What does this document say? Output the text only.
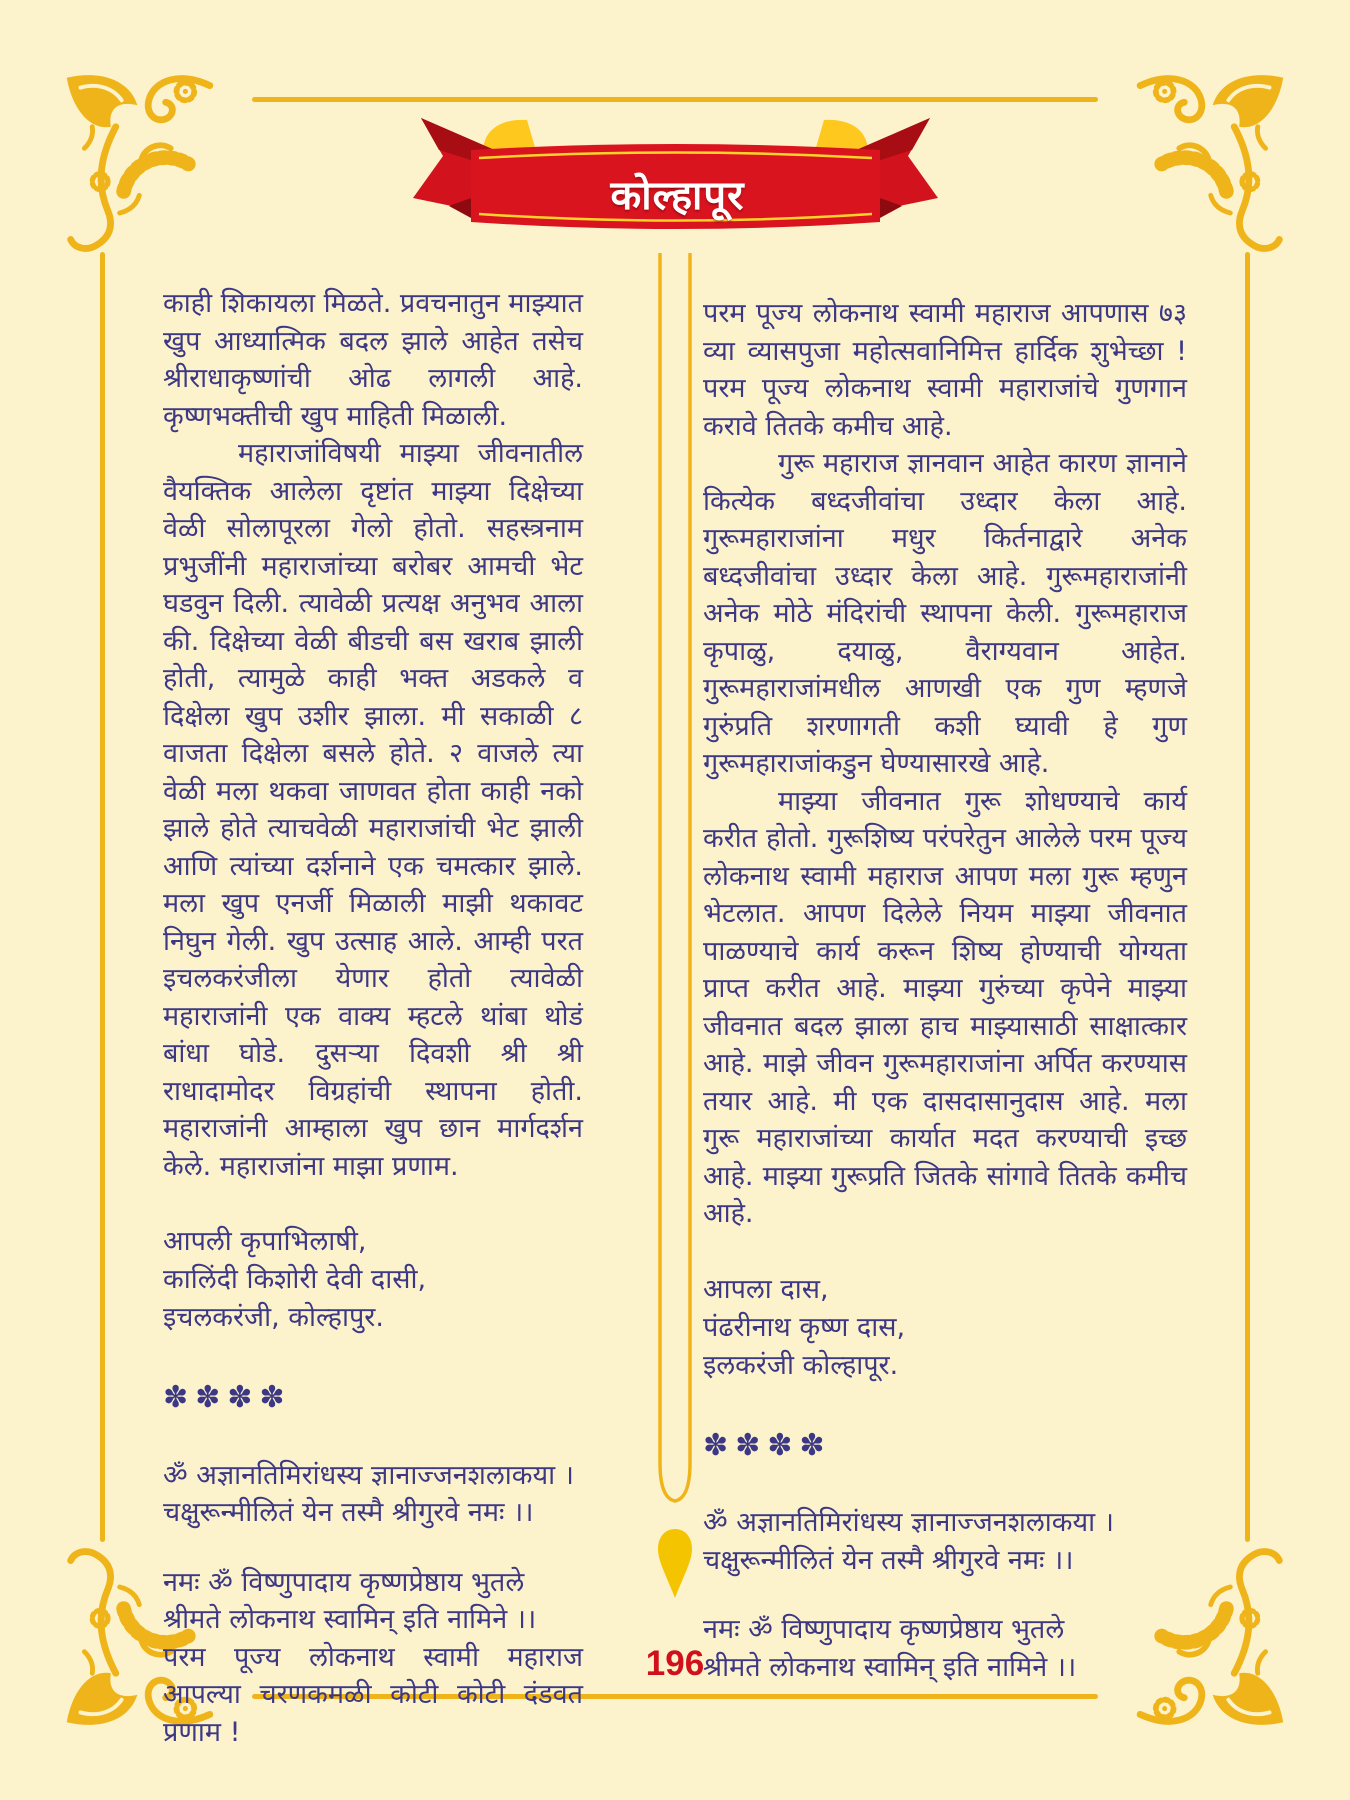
कोल्हापूर

काही शिकायला मिळते. प्रवचनातुन माझ्यात खुप आध्यात्मिक बदल झाले आहेत तसेच श्रीराधाकृष्णांची ओढ लागली आहे. कृष्णभक्तीची खुप माहिती मिळाली.

महाराजांविषयी माझ्या जीवनातील वैयक्तिक आलेला दृष्टांत माझ्या दिक्षेच्या वेळी सोलापूरला गेलो होतो. सहस्त्रनाम प्रभुजींनी महाराजांच्या बरोबर आमची भेट घडवुन दिली. त्यावेळी प्रत्यक्ष अनुभव आला की. दिक्षेच्या वेळी बीडची बस खराब झाली होती, त्यामुळे काही भक्त अडकले व दिक्षेला खुप उशीर झाला. मी सकाळी ८ वाजता दिक्षेला बसले होते. २ वाजले त्या वेळी मला थकवा जाणवत होता काही नको झाले होते त्याचवेळी महाराजांची भेट झाली आणि त्यांच्या दर्शनाने एक चमत्कार झाले. मला खुप एनर्जी मिळाली माझी थकावट निघुन गेली. खुप उत्साह आले. आम्ही परत इचलकरंजीला येणार होतो त्यावेळी महाराजांनी एक वाक्य म्हटले थांबा थोडं बांधा घोडे. दुसऱ्या दिवशी श्री श्री राधादामोदर विग्रहांची स्थापना होती. महाराजांनी आम्हाला खुप छान मार्गदर्शन केले. महाराजांना माझा प्रणाम.

आपली कृपाभिलाषी,
कालिंदी किशोरी देवी दासी,
इचलकरंजी, कोल्हापुर.
✽✽✽✽
ॐ अज्ञानतिमिरांधस्य ज्ञानाज्जनशलाकया ।
चक्षुरून्मीलितं येन तस्मै श्रीगुरवे नमः ।।
नमः ॐ विष्णुपादाय कृष्णप्रेष्ठाय भुतले
श्रीमते लोकनाथ स्वामिन् इति नामिने ।।

परम पूज्य लोकनाथ स्वामी महाराज आपल्या चरणकमळी कोटी कोटी दंडवत प्रणाम !

परम पूज्य लोकनाथ स्वामी महाराज आपणास ७३ व्या व्यासपुजा महोत्सवानिमित्त हार्दिक शुभेच्छा ! परम पूज्य लोकनाथ स्वामी महाराजांचे गुणगान करावे तितके कमीच आहे.

गुरू महाराज ज्ञानवान आहेत कारण ज्ञानाने कित्येक बध्दजीवांचा उध्दार केला आहे. गुरूमहाराजांना मधुर किर्तनाद्वारे अनेक बध्दजीवांचा उध्दार केला आहे. गुरूमहाराजांनी अनेक मोठे मंदिरांची स्थापना केली. गुरूमहाराज कृपाळु, दयाळु, वैराग्यवान आहेत. गुरूमहाराजांमधील आणखी एक गुण म्हणजे गुरुंप्रति शरणागती कशी घ्यावी हे गुण गुरूमहाराजांकडुन घेण्यासारखे आहे.

माझ्या जीवनात गुरू शोधण्याचे कार्य करीत होतो. गुरूशिष्य परंपरेतुन आलेले परम पूज्य लोकनाथ स्वामी महाराज आपण मला गुरू म्हणुन भेटलात. आपण दिलेले नियम माझ्या जीवनात पाळण्याचे कार्य करून शिष्य होण्याची योग्यता प्राप्त करीत आहे. माझ्या गुरुंच्या कृपेने माझ्या जीवनात बदल झाला हाच माझ्यासाठी साक्षात्कार आहे. माझे जीवन गुरूमहाराजांना अर्पित करण्यास तयार आहे. मी एक दासदासानुदास आहे. मला गुरू महाराजांच्या कार्यात मदत करण्याची इच्छ आहे. माझ्या गुरूप्रति जितके सांगावे तितके कमीच आहे.

आपला दास,
पंढरीनाथ कृष्ण दास,
इलकरंजी कोल्हापूर.
✽✽✽✽
ॐ अज्ञानतिमिरांधस्य ज्ञानाज्जनशलाकया ।
चक्षुरून्मीलितं येन तस्मै श्रीगुरवे नमः ।।
नमः ॐ विष्णुपादाय कृष्णप्रेष्ठाय भुतले
श्रीमते लोकनाथ स्वामिन् इति नामिने ।।
196
